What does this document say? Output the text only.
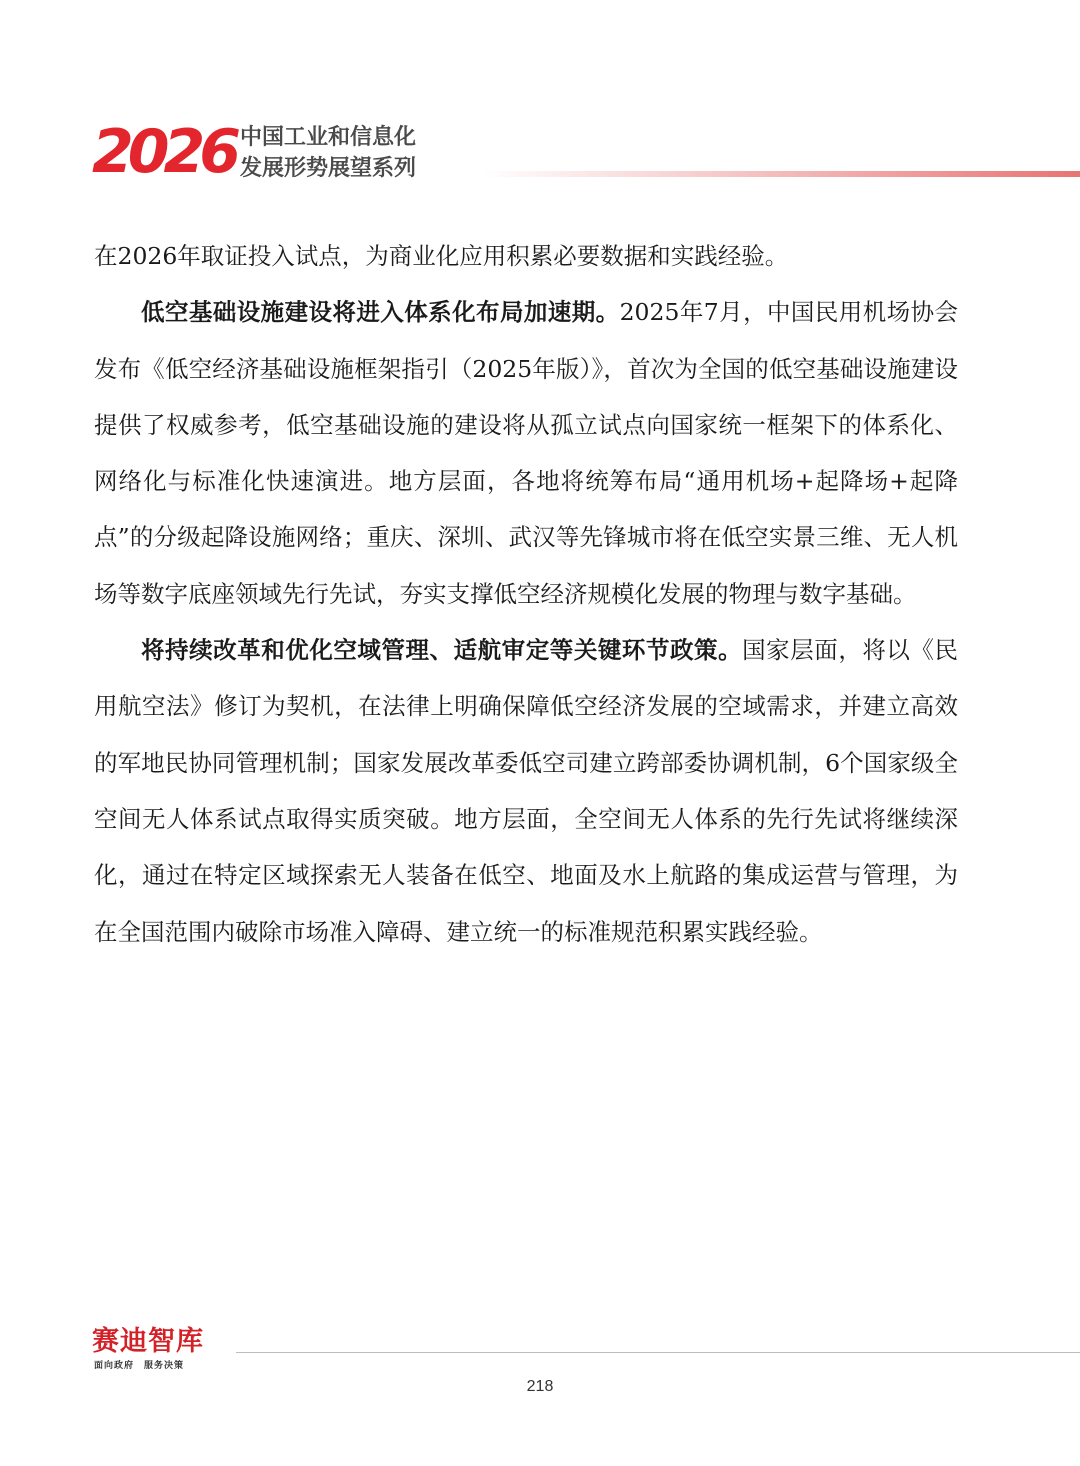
2026 中国工业和信息化
发展形势展望系列

在2026年取证投入试点，为商业化应用积累必要数据和实践经验。

低空基础设施建设将进入体系化布局加速期。2025年7月，中国民用机场协会发布《低空经济基础设施框架指引（2025年版）》，首次为全国的低空基础设施建设提供了权威参考，低空基础设施的建设将从孤立试点向国家统一框架下的体系化、网络化与标准化快速演进。地方层面，各地将统筹布局“通用机场+起降场+起降点”的分级起降设施网络；重庆、深圳、武汉等先锋城市将在低空实景三维、无人机场等数字底座领域先行先试，夯实支撑低空经济规模化发展的物理与数字基础。

将持续改革和优化空域管理、适航审定等关键环节政策。国家层面，将以《民用航空法》修订为契机，在法律上明确保障低空经济发展的空域需求，并建立高效的军地民协同管理机制；国家发展改革委低空司建立跨部委协调机制，6个国家级全空间无人体系试点取得实质突破。地方层面，全空间无人体系的先行先试将继续深化，通过在特定区域探索无人装备在低空、地面及水上航路的集成运营与管理，为在全国范围内破除市场准入障碍、建立统一的标准规范积累实践经验。

赛迪智库
面向政府　服务决策
218
